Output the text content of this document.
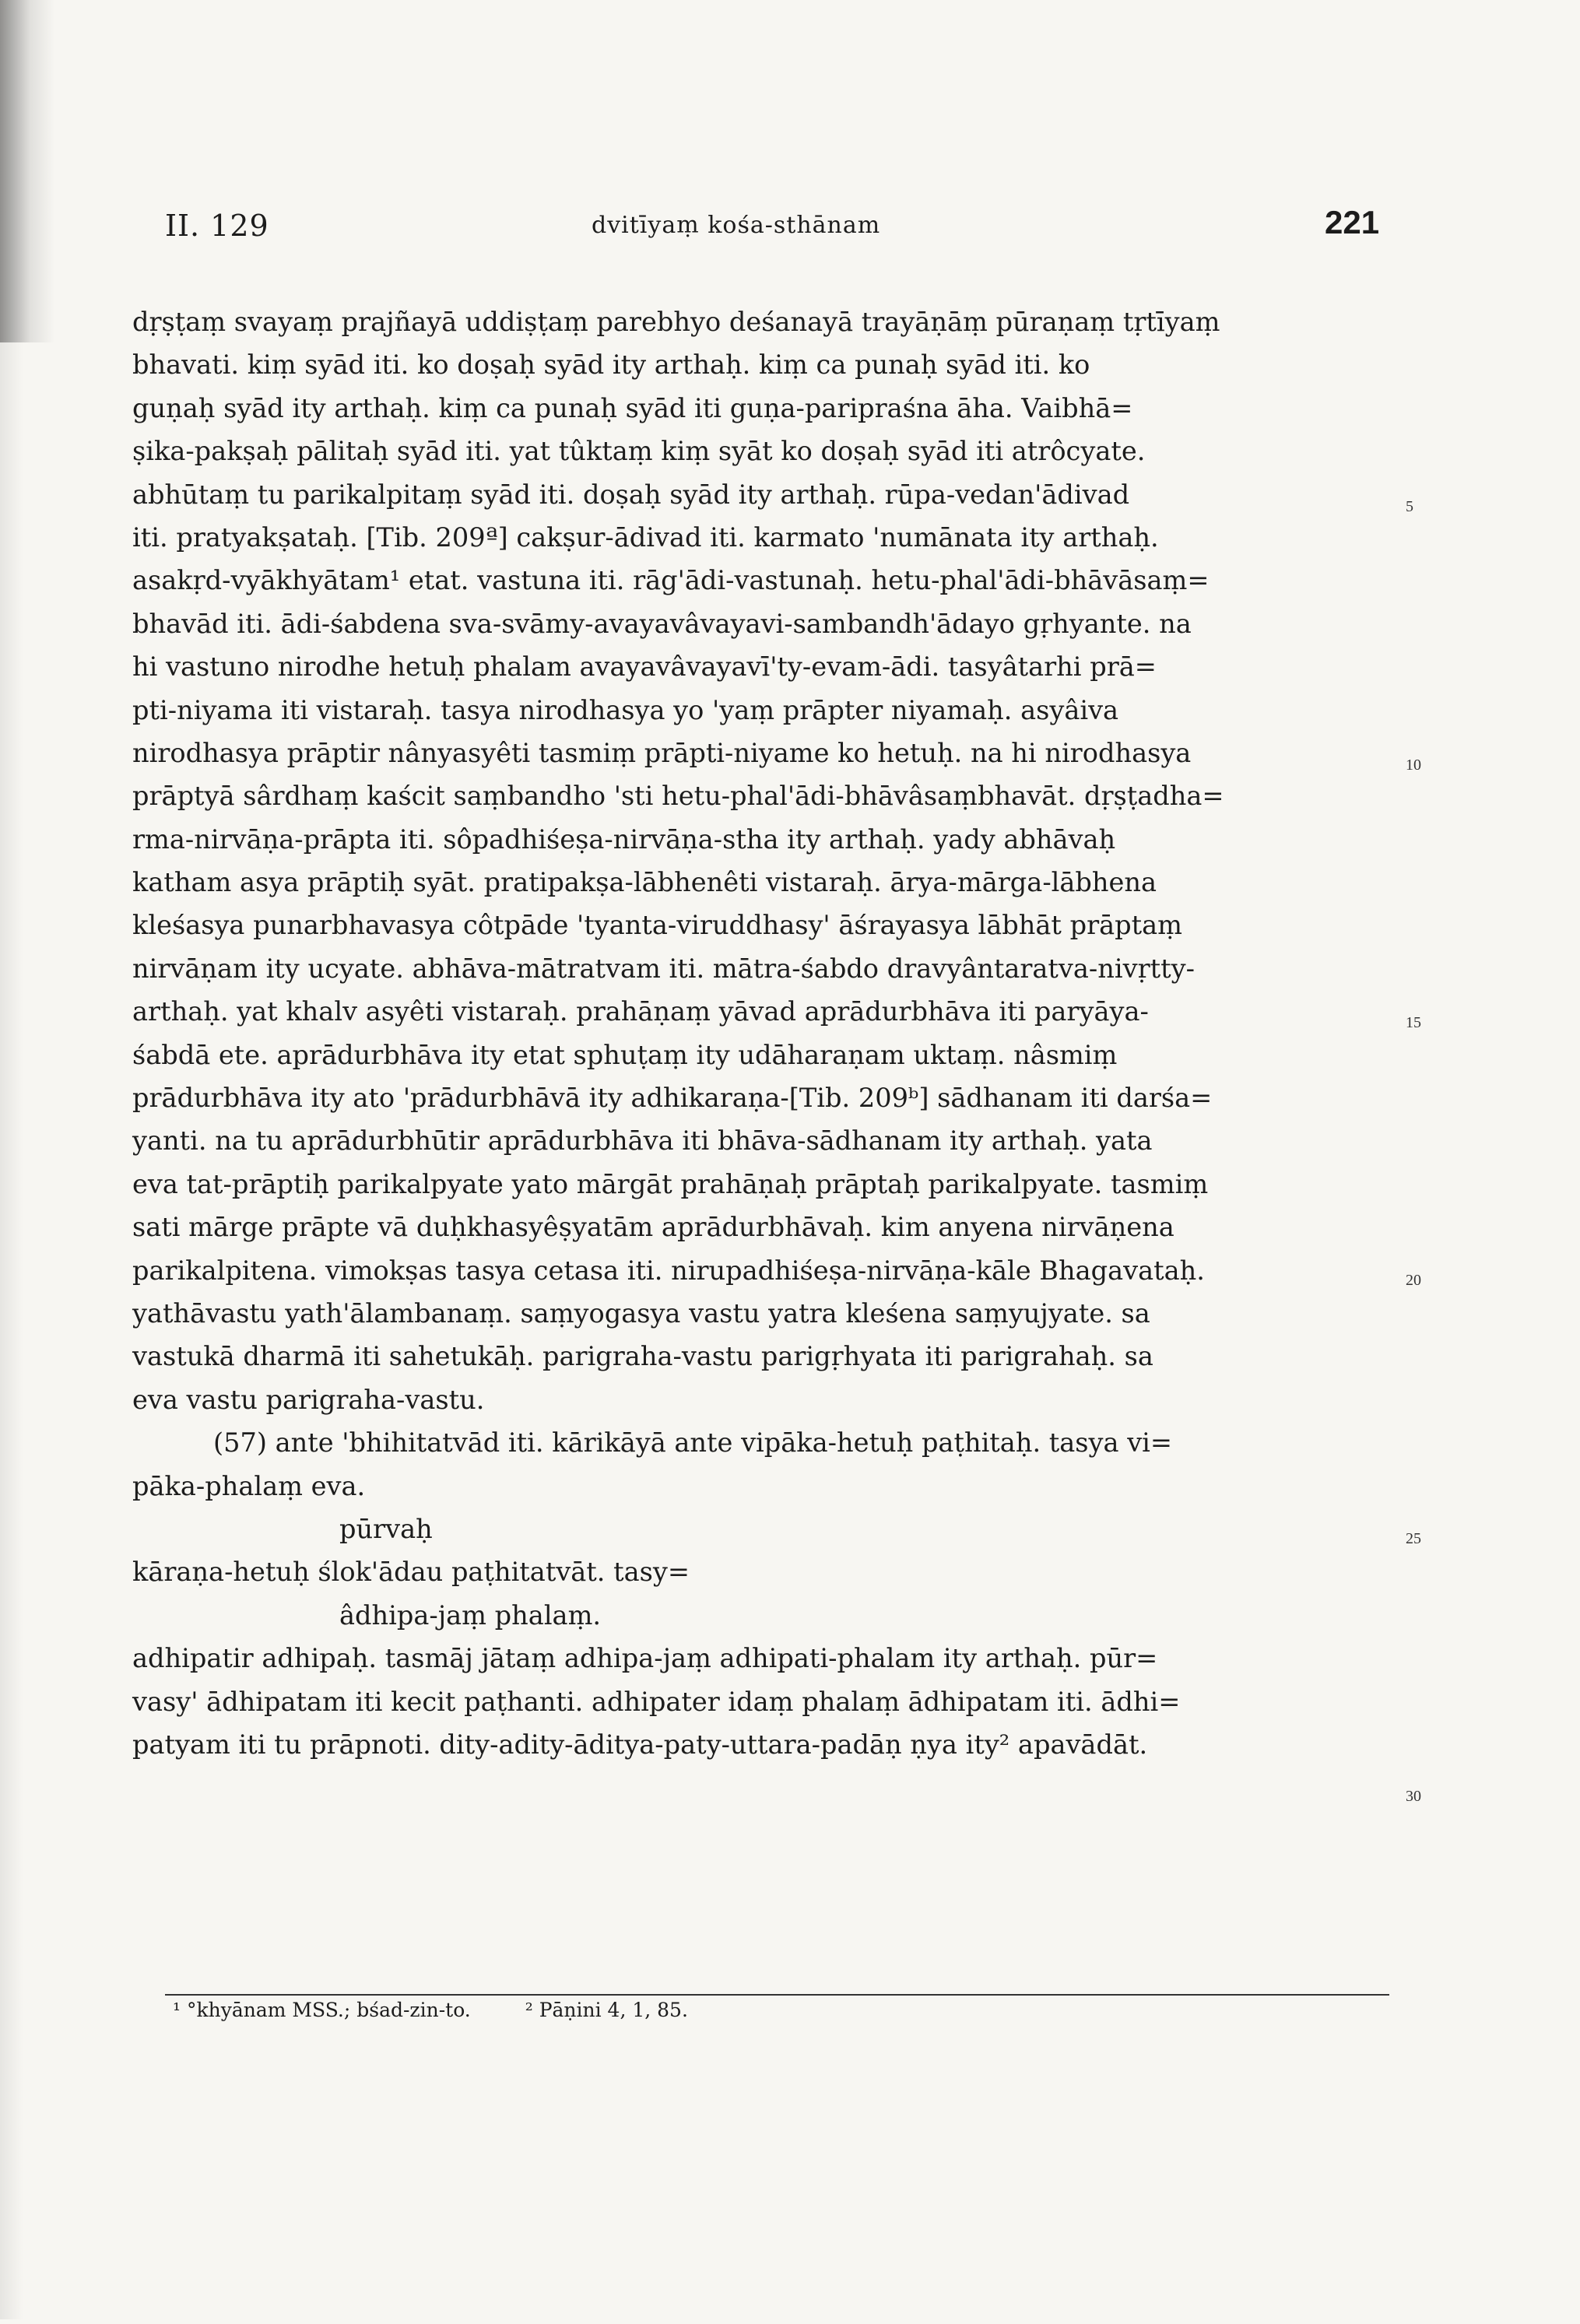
II. 129	dvitīyaṃ kośa-sthānam	221
dṛṣṭaṃ svayaṃ prajñayā uddiṣṭaṃ parebhyo deśanayā trayāṇāṃ pūraṇaṃ tṛtīyaṃ
bhavati. kiṃ syād iti. ko doṣaḥ syād ity arthaḥ. kiṃ ca punaḥ syād iti. ko
guṇaḥ syād ity arthaḥ. kiṃ ca punaḥ syād iti guṇa-paripraśna āha. Vaibhā=
ṣika-pakṣaḥ pālitaḥ syād iti. yat tûktaṃ kiṃ syāt ko doṣaḥ syād iti atrôcyate.
abhūtaṃ tu parikalpitaṃ syād iti. doṣaḥ syād ity arthaḥ. rūpa-vedan'ādivad
iti. pratyakṣataḥ. [Tib. 209ª] cakṣur-ādivad iti. karmato 'numānata ity arthaḥ.
asakṛd-vyākhyātam¹ etat. vastuna iti. rāg'ādi-vastunaḥ. hetu-phal'ādi-bhāvāsaṃ=
bhavād iti. ādi-śabdena sva-svāmy-avayavâvayavi-sambandh'ādayo gṛhyante. na
hi vastuno nirodhe hetuḥ phalam avayavâvayavī'ty-evam-ādi. tasyâtarhi prā=
pti-niyama iti vistaraḥ. tasya nirodhasya yo 'yaṃ prāpter niyamaḥ. asyâiva
nirodhasya prāptir nânyasyêti tasmiṃ prāpti-niyame ko hetuḥ. na hi nirodhasya
prāptyā sârdhaṃ kaścit saṃbandho 'sti hetu-phal'ādi-bhāvâsaṃbhavāt. dṛṣṭadha=
rma-nirvāṇa-prāpta iti. sôpadhiśeṣa-nirvāṇa-stha ity arthaḥ. yady abhāvaḥ
katham asya prāptiḥ syāt. pratipakṣa-lābhenêti vistaraḥ. ārya-mārga-lābhena
kleśasya punarbhavasya côtpāde 'tyanta-viruddhasy' āśrayasya lābhāt prāptaṃ
nirvāṇam ity ucyate. abhāva-mātratvam iti. mātra-śabdo dravyântaratva-nivṛtty-
arthaḥ. yat khalv asyêti vistaraḥ. prahāṇaṃ yāvad aprādurbhāva iti paryāya-
śabdā ete. aprādurbhāva ity etat sphuṭaṃ ity udāharaṇam uktaṃ. nâsmiṃ
prādurbhāva ity ato 'prādurbhāvā ity adhikaraṇa-[Tib. 209ᵇ] sādhanam iti darśa=
yanti. na tu aprādurbhūtir aprādurbhāva iti bhāva-sādhanam ity arthaḥ. yata
eva tat-prāptiḥ parikalpyate yato mārgāt prahāṇaḥ prāptaḥ parikalpyate. tasmiṃ
sati mārge prāpte vā duḥkhasyêṣyatām aprādurbhāvaḥ. kim anyena nirvāṇena
parikalpitena. vimokṣas tasya cetasa iti. nirupadhiśeṣa-nirvāṇa-kāle Bhagavataḥ.
yathāvastu yath'ālambanaṃ. saṃyogasya vastu yatra kleśena saṃyujyate. sa
vastukā dharmā iti sahetukāḥ. parigraha-vastu parigṛhyata iti parigrahaḥ. sa
eva vastu parigraha-vastu.
(57) ante 'bhihitatvād iti. kārikāyā ante vipāka-hetuḥ paṭhitaḥ. tasya vi=
pāka-phalaṃ eva.
pūrvaḥ
kāraṇa-hetuḥ ślok'ādau paṭhitatvāt. tasy=
âdhipa-jaṃ phalaṃ.
adhipatir adhipaḥ. tasmāj jātaṃ adhipa-jaṃ adhipati-phalam ity arthaḥ. pūr=
vasy' ādhipatam iti kecit paṭhanti. adhipater idaṃ phalaṃ ādhipatam iti. ādhi=
patyam iti tu prāpnoti. dity-adity-āditya-paty-uttara-padāṇ ṇya ity² apavādāt.
5
10
15
20
25
30
¹ °khyānam MSS.; bśad-zin-to.	² Pāṇini 4, 1, 85.
